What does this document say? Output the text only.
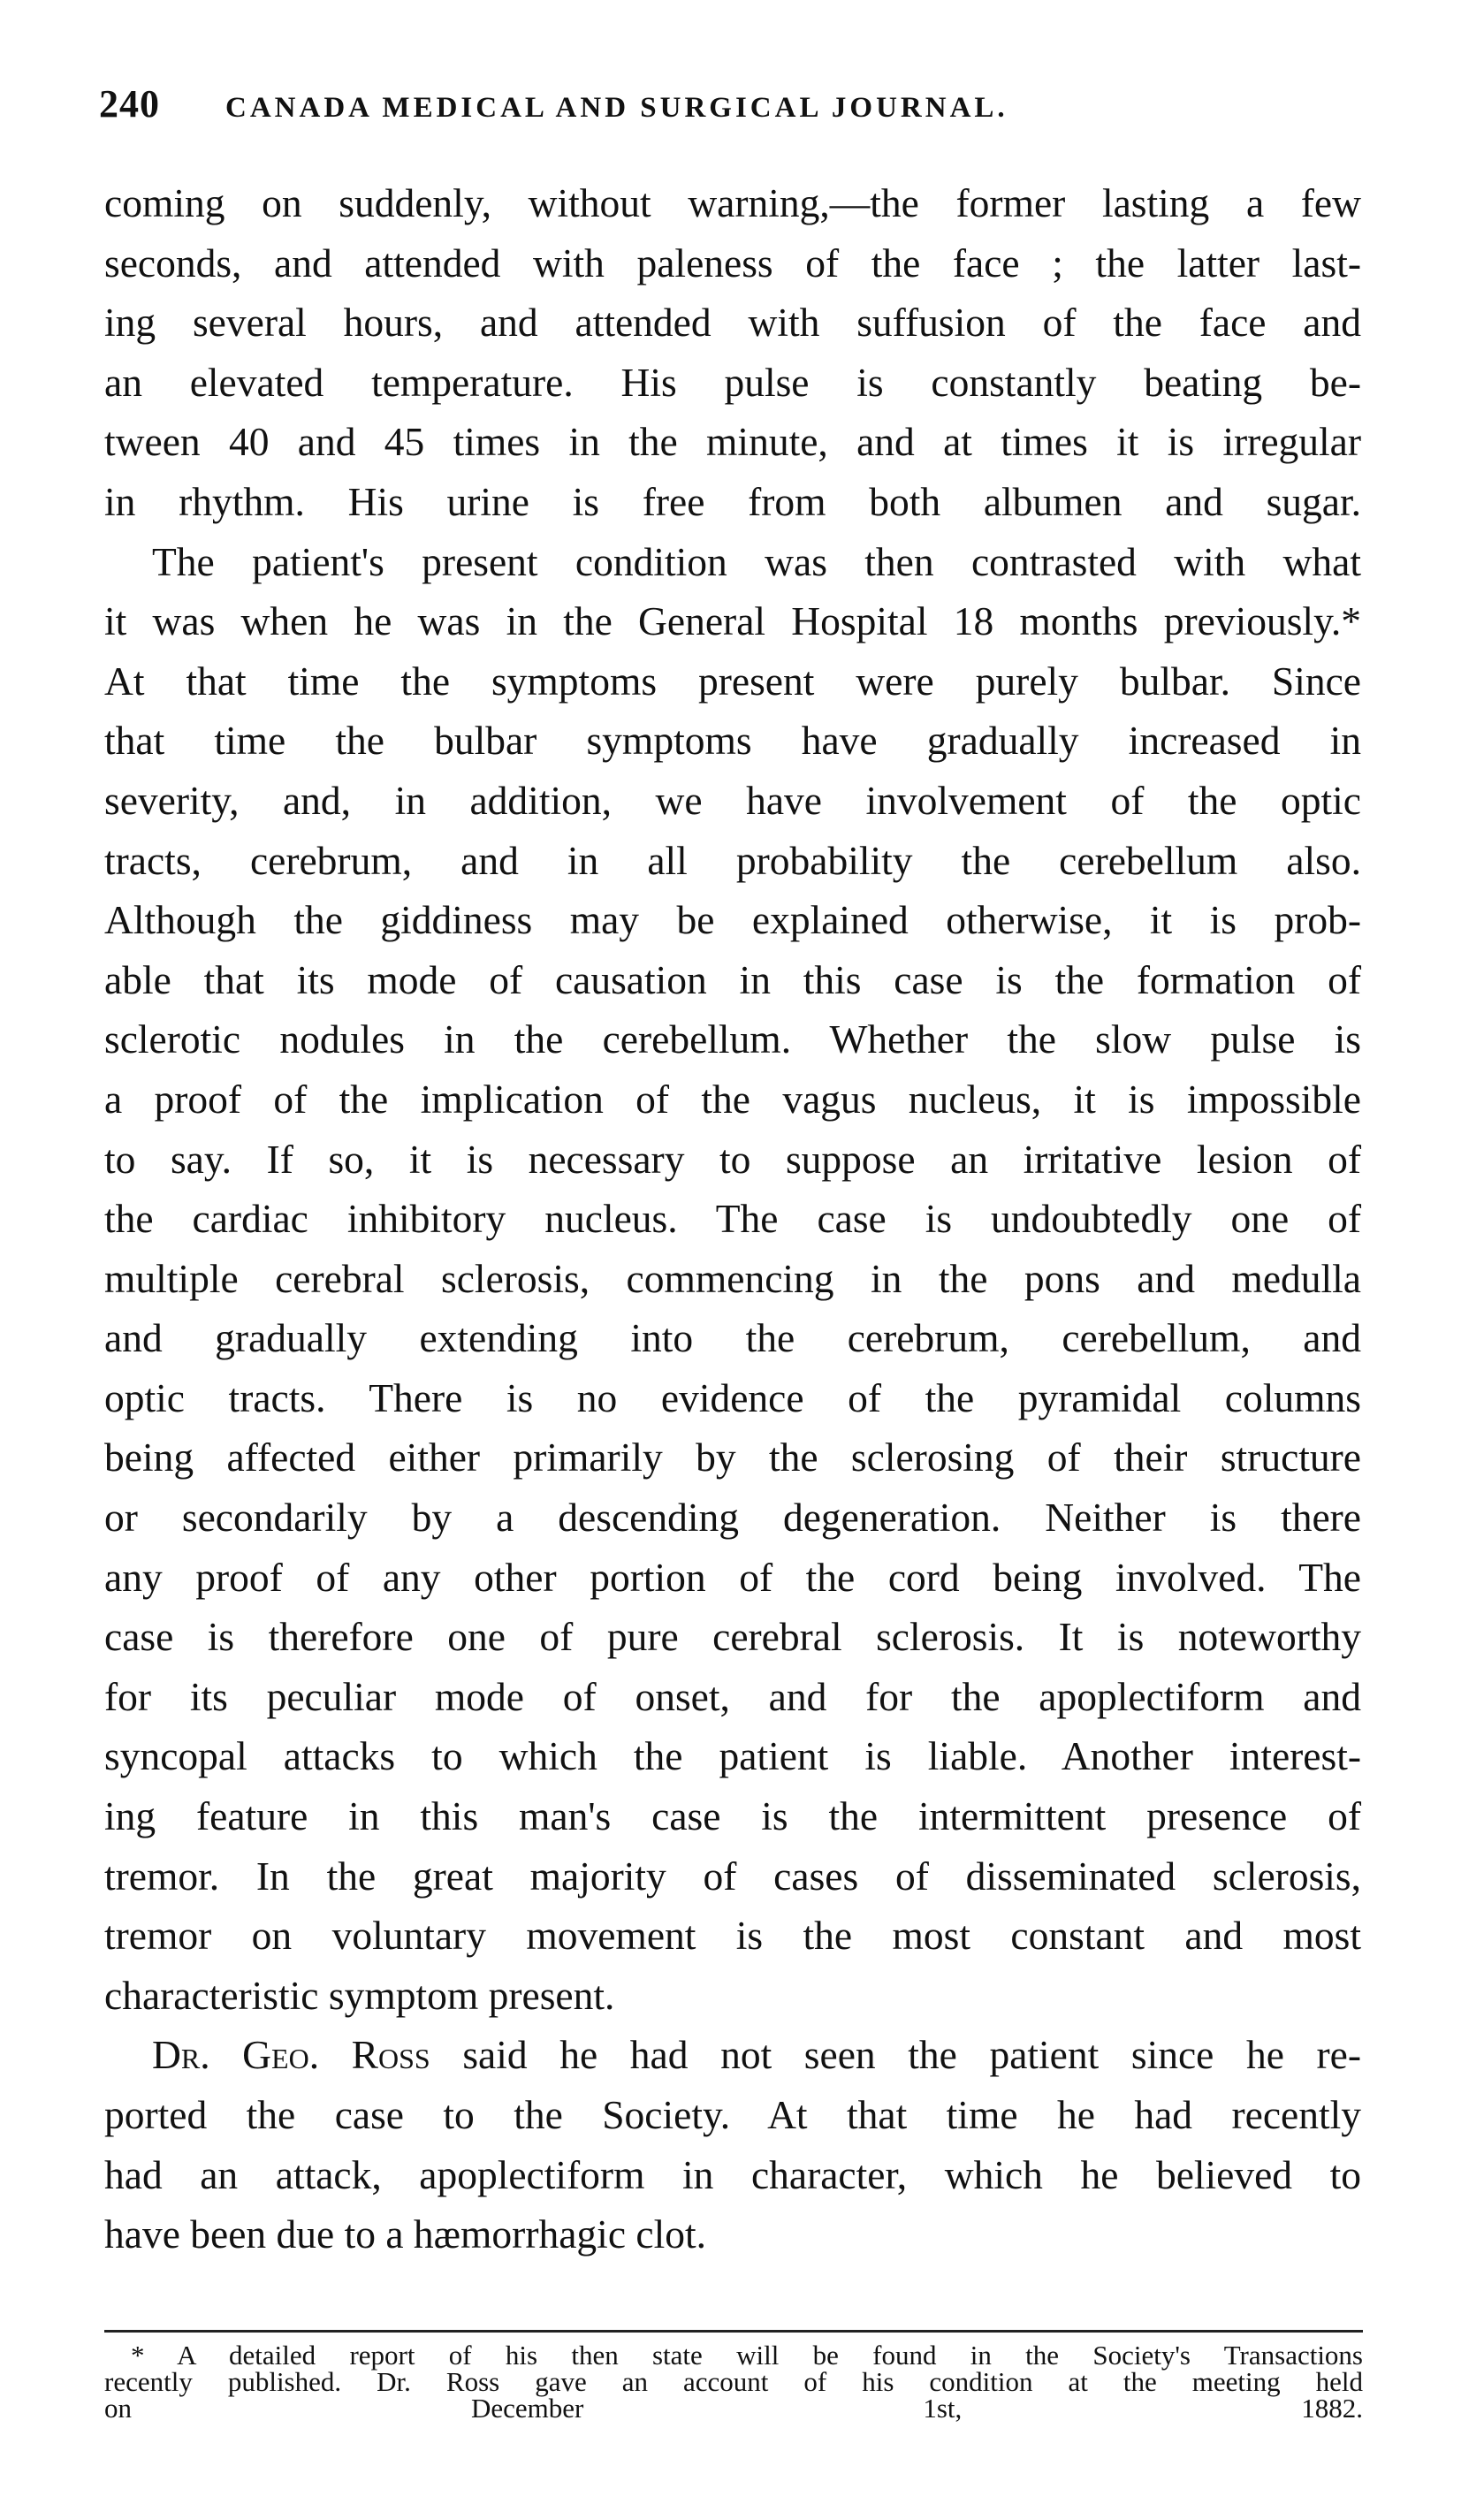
240 CANADA MEDICAL AND SURGICAL JOURNAL.

coming on suddenly, without warning,—the former lasting a few
seconds, and attended with paleness of the face ; the latter last-
ing several hours, and attended with suffusion of the face and
an elevated temperature. His pulse is constantly beating be-
tween 40 and 45 times in the minute, and at times it is irregular
in rhythm. His urine is free from both albumen and sugar.

The patient's present condition was then contrasted with what
it was when he was in the General Hospital 18 months previously.*
At that time the symptoms present were purely bulbar. Since
that time the bulbar symptoms have gradually increased in
severity, and, in addition, we have involvement of the optic
tracts, cerebrum, and in all probability the cerebellum also.
Although the giddiness may be explained otherwise, it is prob-
able that its mode of causation in this case is the formation of
sclerotic nodules in the cerebellum. Whether the slow pulse is
a proof of the implication of the vagus nucleus, it is impossible
to say. If so, it is necessary to suppose an irritative lesion of
the cardiac inhibitory nucleus. The case is undoubtedly one of
multiple cerebral sclerosis, commencing in the pons and medulla
and gradually extending into the cerebrum, cerebellum, and
optic tracts. There is no evidence of the pyramidal columns
being affected either primarily by the sclerosing of their structure
or secondarily by a descending degeneration. Neither is there
any proof of any other portion of the cord being involved. The
case is therefore one of pure cerebral sclerosis. It is noteworthy
for its peculiar mode of onset, and for the apoplectiform and
syncopal attacks to which the patient is liable. Another interest-
ing feature in this man's case is the intermittent presence of
tremor. In the great majority of cases of disseminated sclerosis,
tremor on voluntary movement is the most constant and most
characteristic symptom present.

Dr. Geo. Ross said he had not seen the patient since he re-
ported the case to the Society. At that time he had recently
had an attack, apoplectiform in character, which he believed to
have been due to a hæmorrhagic clot.

* A detailed report of his then state will be found in the Society's Transactions
recently published. Dr. Ross gave an account of his condition at the meeting held
on December 1st, 1882.
